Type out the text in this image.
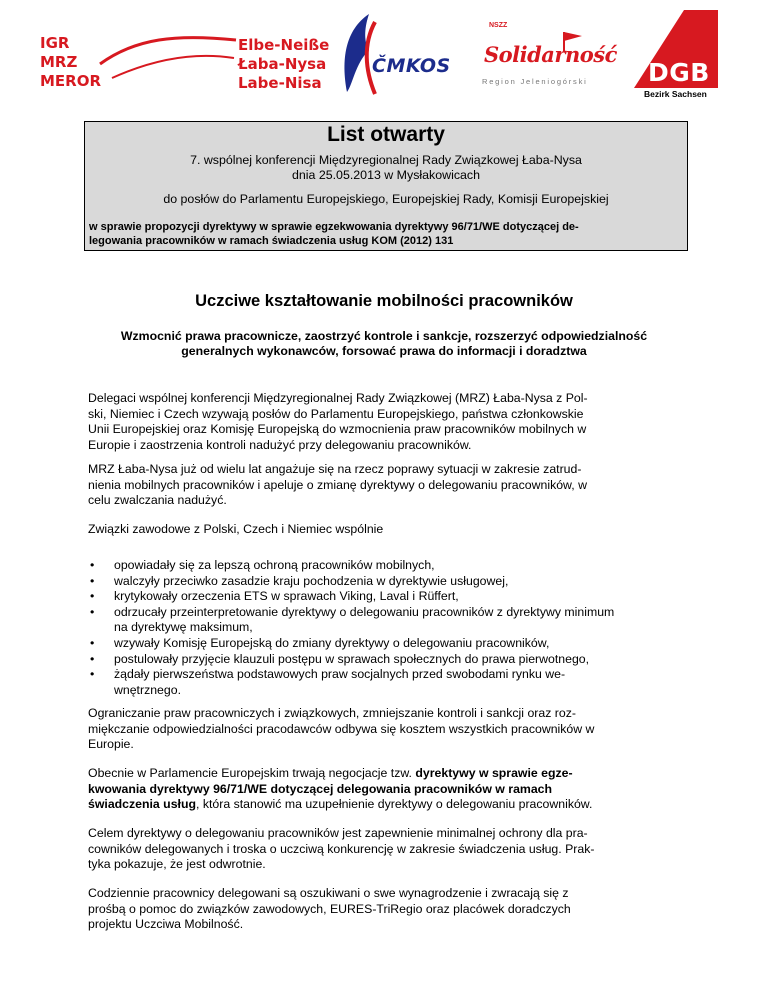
IGR
MRZ
MEROR
Elbe-Neiße
Łaba-Nysa
Labe-Nisa
ČMKOS
NSZZ
Solidarność
Region Jeleniogórski DGB
Bezirk Sachsen
List otwarty
7. wspólnej konferencji Międzyregionalnej Rady Związkowej Łaba-Nysa
dnia 25.05.2013 w Mysłakowicach
do posłów do Parlamentu Europejskiego, Europejskiej Rady, Komisji Europejskiej
w sprawie propozycji dyrektywy w sprawie egzekwowania dyrektywy 96/71/WE dotyczącej de-
legowania pracowników w ramach świadczenia usług KOM (2012) 131
Uczciwe kształtowanie mobilności pracowników
Wzmocnić prawa pracownicze, zaostrzyć kontrole i sankcje, rozszerzyć odpowiedzialność
generalnych wykonawców, forsować prawa do informacji i doradztwa
Delegaci wspólnej konferencji Międzyregionalnej Rady Związkowej (MRZ) Łaba-Nysa z Pol-
ski, Niemiec i Czech wzywają posłów do Parlamentu Europejskiego, państwa członkowskie
Unii Europejskiej oraz Komisję Europejską do wzmocnienia praw pracowników mobilnych w
Europie i zaostrzenia kontroli nadużyć przy delegowaniu pracowników.
MRZ Łaba-Nysa już od wielu lat angażuje się na rzecz poprawy sytuacji w zakresie zatrud-
nienia mobilnych pracowników i apeluje o zmianę dyrektywy o delegowaniu pracowników, w
celu zwalczania nadużyć.
Związki zawodowe z Polski, Czech i Niemiec wspólnie
• opowiadały się za lepszą ochroną pracowników mobilnych,
• walczyły przeciwko zasadzie kraju pochodzenia w dyrektywie usługowej,
• krytykowały orzeczenia ETS w sprawach Viking, Laval i Rüffert,
• odrzucały przeinterpretowanie dyrektywy o delegowaniu pracowników z dyrektywy minimum
na dyrektywę maksimum,
• wzywały Komisję Europejską do zmiany dyrektywy o delegowaniu pracowników,
• postulowały przyjęcie klauzuli postępu w sprawach społecznych do prawa pierwotnego,
• żądały pierwszeństwa podstawowych praw socjalnych przed swobodami rynku we-
wnętrznego.
Ograniczanie praw pracowniczych i związkowych, zmniejszanie kontroli i sankcji oraz roz-
miękczanie odpowiedzialności pracodawców odbywa się kosztem wszystkich pracowników w
Europie.
Obecnie w Parlamencie Europejskim trwają negocjacje tzw. dyrektywy w sprawie egze-
kwowania dyrektywy 96/71/WE dotyczącej delegowania pracowników w ramach
świadczenia usług, która stanowić ma uzupełnienie dyrektywy o delegowaniu pracowników.
Celem dyrektywy o delegowaniu pracowników jest zapewnienie minimalnej ochrony dla pra-
cowników delegowanych i troska o uczciwą konkurencję w zakresie świadczenia usług. Prak-
tyka pokazuje, że jest odwrotnie.
Codziennie pracownicy delegowani są oszukiwani o swe wynagrodzenie i zwracają się z
prośbą o pomoc do związków zawodowych, EURES-TriRegio oraz placówek doradczych
projektu Uczciwa Mobilność.
